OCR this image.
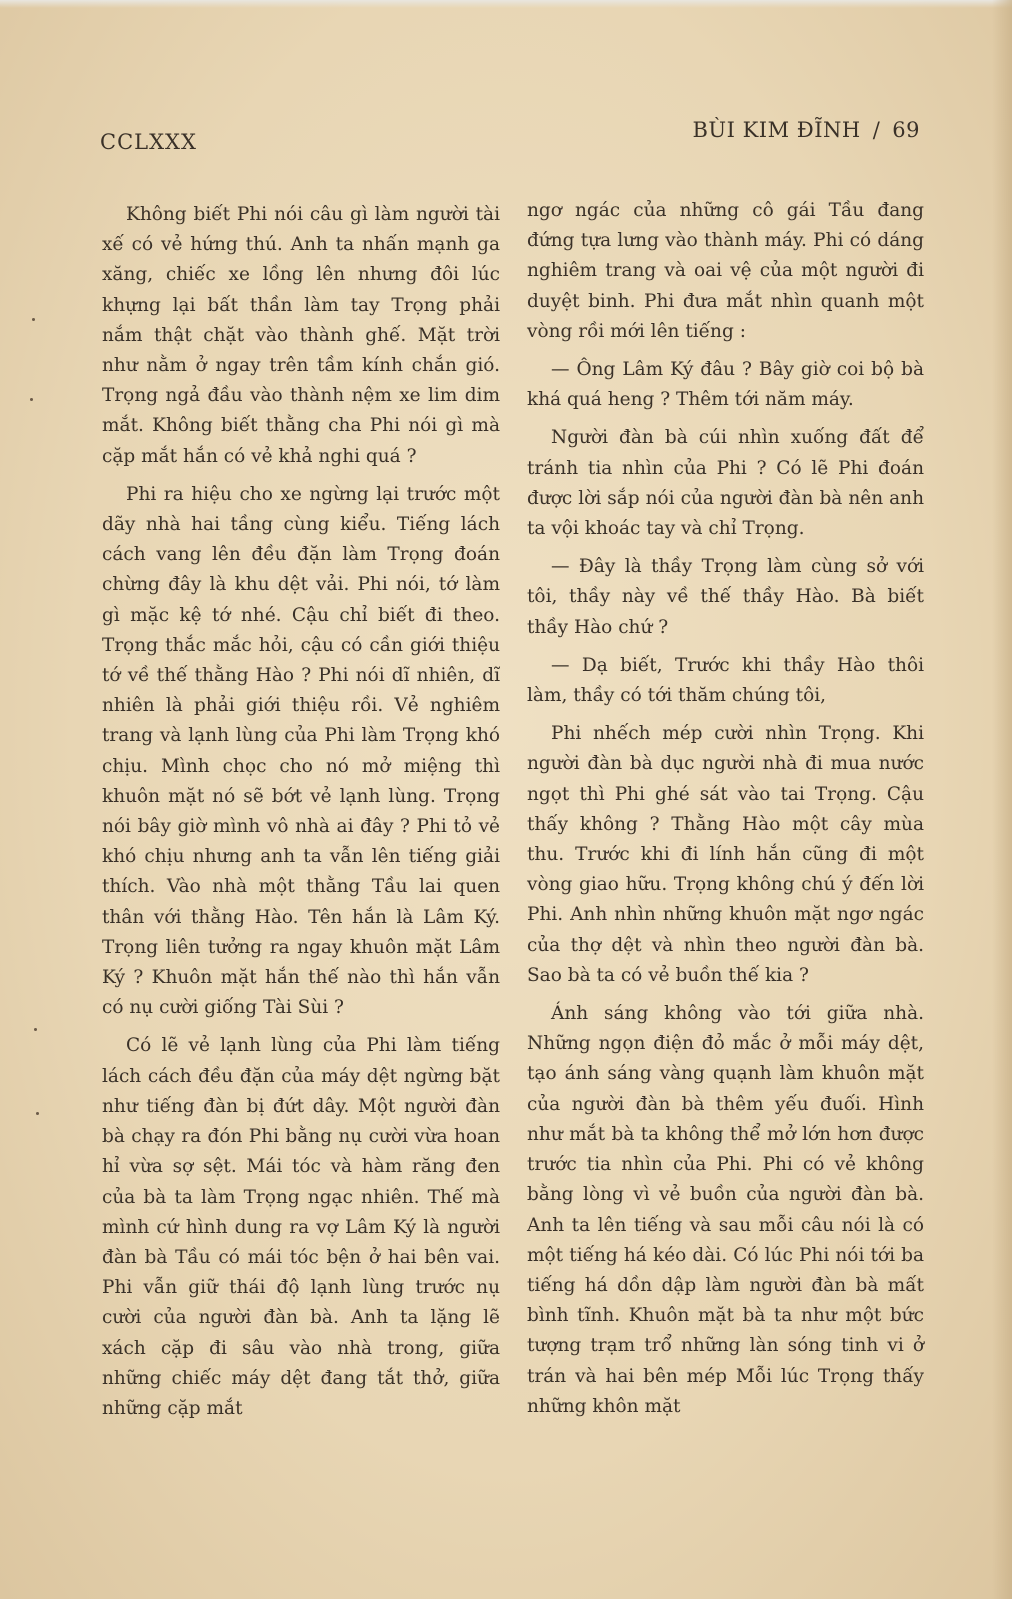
CCLXXX	BÙI KIM ĐĨNH / 69

Không biết Phi nói câu gì làm người tài xế có vẻ hứng thú. Anh ta nhấn mạnh ga xăng, chiếc xe lồng lên nhưng đôi lúc khựng lại bất thần làm tay Trọng phải nắm thật chặt vào thành ghế. Mặt trời như nằm ở ngay trên tầm kính chắn gió. Trọng ngả đầu vào thành nệm xe lim dim mắt. Không biết thằng cha Phi nói gì mà cặp mắt hắn có vẻ khả nghi quá ?

Phi ra hiệu cho xe ngừng lại trước một dãy nhà hai tầng cùng kiểu. Tiếng lách cách vang lên đều đặn làm Trọng đoán chừng đây là khu dệt vải. Phi nói, tớ làm gì mặc kệ tớ nhé. Cậu chỉ biết đi theo. Trọng thắc mắc hỏi, cậu có cần giới thiệu tớ về thế thằng Hào ? Phi nói dĩ nhiên, dĩ nhiên là phải giới thiệu rồi. Vẻ nghiêm trang và lạnh lùng của Phi làm Trọng khó chịu. Mình chọc cho nó mở miệng thì khuôn mặt nó sẽ bớt vẻ lạnh lùng. Trọng nói bây giờ mình vô nhà ai đây ? Phi tỏ vẻ khó chịu nhưng anh ta vẫn lên tiếng giải thích. Vào nhà một thằng Tầu lai quen thân với thằng Hào. Tên hắn là Lâm Ký. Trọng liên tưởng ra ngay khuôn mặt Lâm Ký ? Khuôn mặt hắn thế nào thì hắn vẫn có nụ cười giống Tài Sùi ?

Có lẽ vẻ lạnh lùng của Phi làm tiếng lách cách đều đặn của máy dệt ngừng bặt như tiếng đàn bị đứt dây. Một người đàn bà chạy ra đón Phi bằng nụ cười vừa hoan hỉ vừa sợ sệt. Mái tóc và hàm răng đen của bà ta làm Trọng ngạc nhiên. Thế mà mình cứ hình dung ra vợ Lâm Ký là người đàn bà Tầu có mái tóc bện ở hai bên vai. Phi vẫn giữ thái độ lạnh lùng trước nụ cười của người đàn bà. Anh ta lặng lẽ xách cặp đi sâu vào nhà trong, giữa những chiếc máy dệt đang tắt thở, giữa những cặp mắt

ngơ ngác của những cô gái Tầu đang đứng tựa lưng vào thành máy. Phi có dáng nghiêm trang và oai vệ của một người đi duyệt binh. Phi đưa mắt nhìn quanh một vòng rồi mới lên tiếng :

— Ông Lâm Ký đâu ? Bây giờ coi bộ bà khá quá heng ? Thêm tới năm máy.

Người đàn bà cúi nhìn xuống đất để tránh tia nhìn của Phi ? Có lẽ Phi đoán được lời sắp nói của người đàn bà nên anh ta vội khoác tay và chỉ Trọng.

— Đây là thầy Trọng làm cùng sở với tôi, thầy này về thế thầy Hào. Bà biết thầy Hào chứ ?

— Dạ biết, Trước khi thầy Hào thôi làm, thầy có tới thăm chúng tôi,

Phi nhếch mép cười nhìn Trọng. Khi người đàn bà dục người nhà đi mua nước ngọt thì Phi ghé sát vào tai Trọng. Cậu thấy không ? Thằng Hào một cây mùa thu. Trước khi đi lính hắn cũng đi một vòng giao hữu. Trọng không chú ý đến lời Phi. Anh nhìn những khuôn mặt ngơ ngác của thợ dệt và nhìn theo người đàn bà. Sao bà ta có vẻ buồn thế kia ?

Ánh sáng không vào tới giữa nhà. Những ngọn điện đỏ mắc ở mỗi máy dệt, tạo ánh sáng vàng quạnh làm khuôn mặt của người đàn bà thêm yếu đuối. Hình như mắt bà ta không thể mở lớn hơn được trước tia nhìn của Phi. Phi có vẻ không bằng lòng vì vẻ buồn của người đàn bà. Anh ta lên tiếng và sau mỗi câu nói là có một tiếng há kéo dài. Có lúc Phi nói tới ba tiếng há dồn dập làm người đàn bà mất bình tĩnh. Khuôn mặt bà ta như một bức tượng trạm trổ những làn sóng tinh vi ở trán và hai bên mép Mỗi lúc Trọng thấy những khôn mặt
